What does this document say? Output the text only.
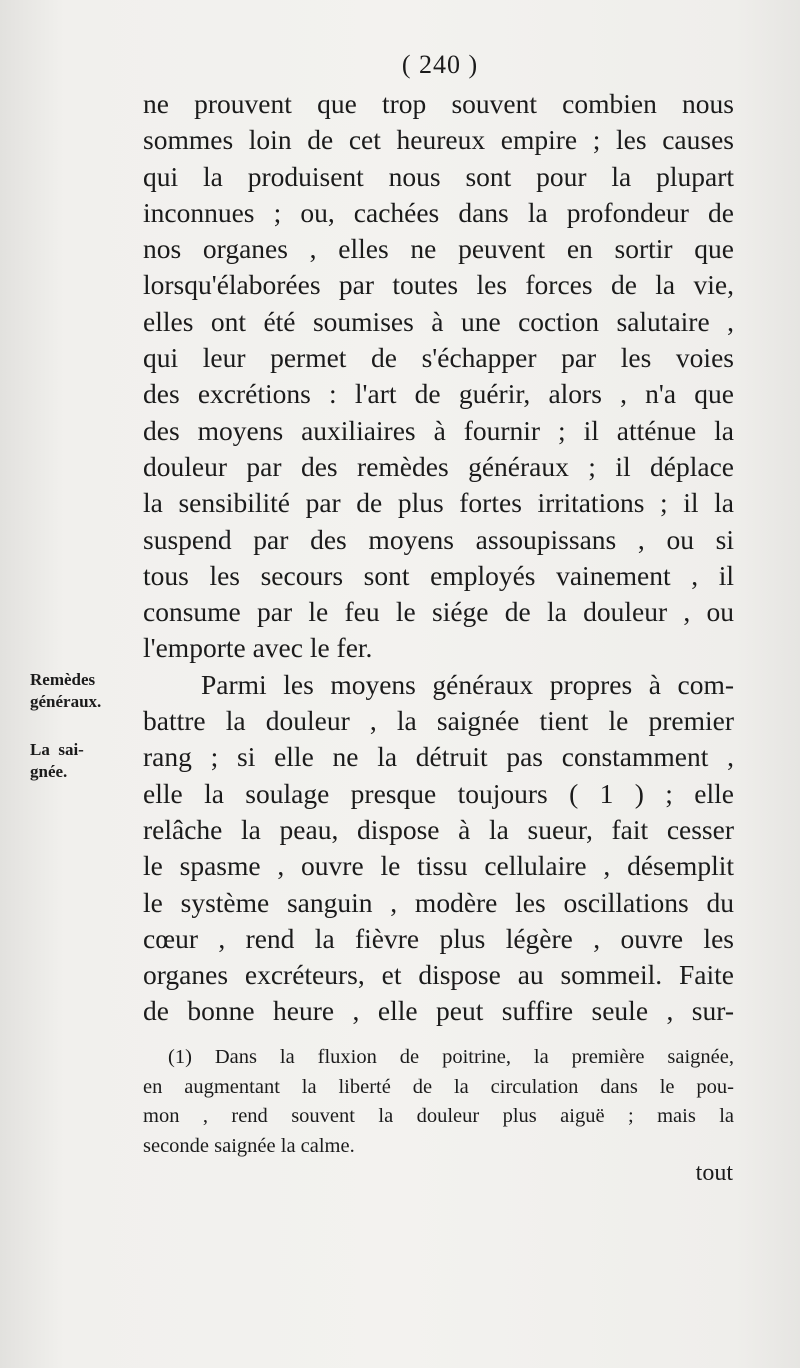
( 240 )
ne prouvent que trop souvent combien nous
sommes loin de cet heureux empire ; les causes
qui la produisent nous sont pour la plupart
inconnues ; ou, cachées dans la profondeur de
nos organes , elles ne peuvent en sortir que
lorsqu'élaborées par toutes les forces de la vie,
elles ont été soumises à une coction salutaire ,
qui leur permet de s'échapper par les voies
des excrétions : l'art de guérir, alors , n'a que
des moyens auxiliaires à fournir ; il atténue la
douleur par des remèdes généraux ; il déplace
la sensibilité par de plus fortes irritations ; il la
suspend par des moyens assoupissans , ou si
tous les secours sont employés vainement , il
consume par le feu le siége de la douleur , ou
l'emporte avec le fer.
Parmi les moyens généraux propres à com-
battre la douleur , la saignée tient le premier
rang ; si elle ne la détruit pas constamment ,
elle la soulage presque toujours ( 1 ) ; elle
relâche la peau, dispose à la sueur, fait cesser
le spasme , ouvre le tissu cellulaire , désemplit
le système sanguin , modère les oscillations du
cœur , rend la fièvre plus légère , ouvre les
organes excréteurs, et dispose au sommeil. Faite
de bonne heure , elle peut suffire seule , sur-
Remèdes
généraux.
La  sai-
gnée.
(1) Dans la fluxion de poitrine, la première saignée,
en augmentant la liberté de la circulation dans le pou-
mon , rend souvent la douleur plus aiguë ; mais la
seconde saignée la calme.
tout
